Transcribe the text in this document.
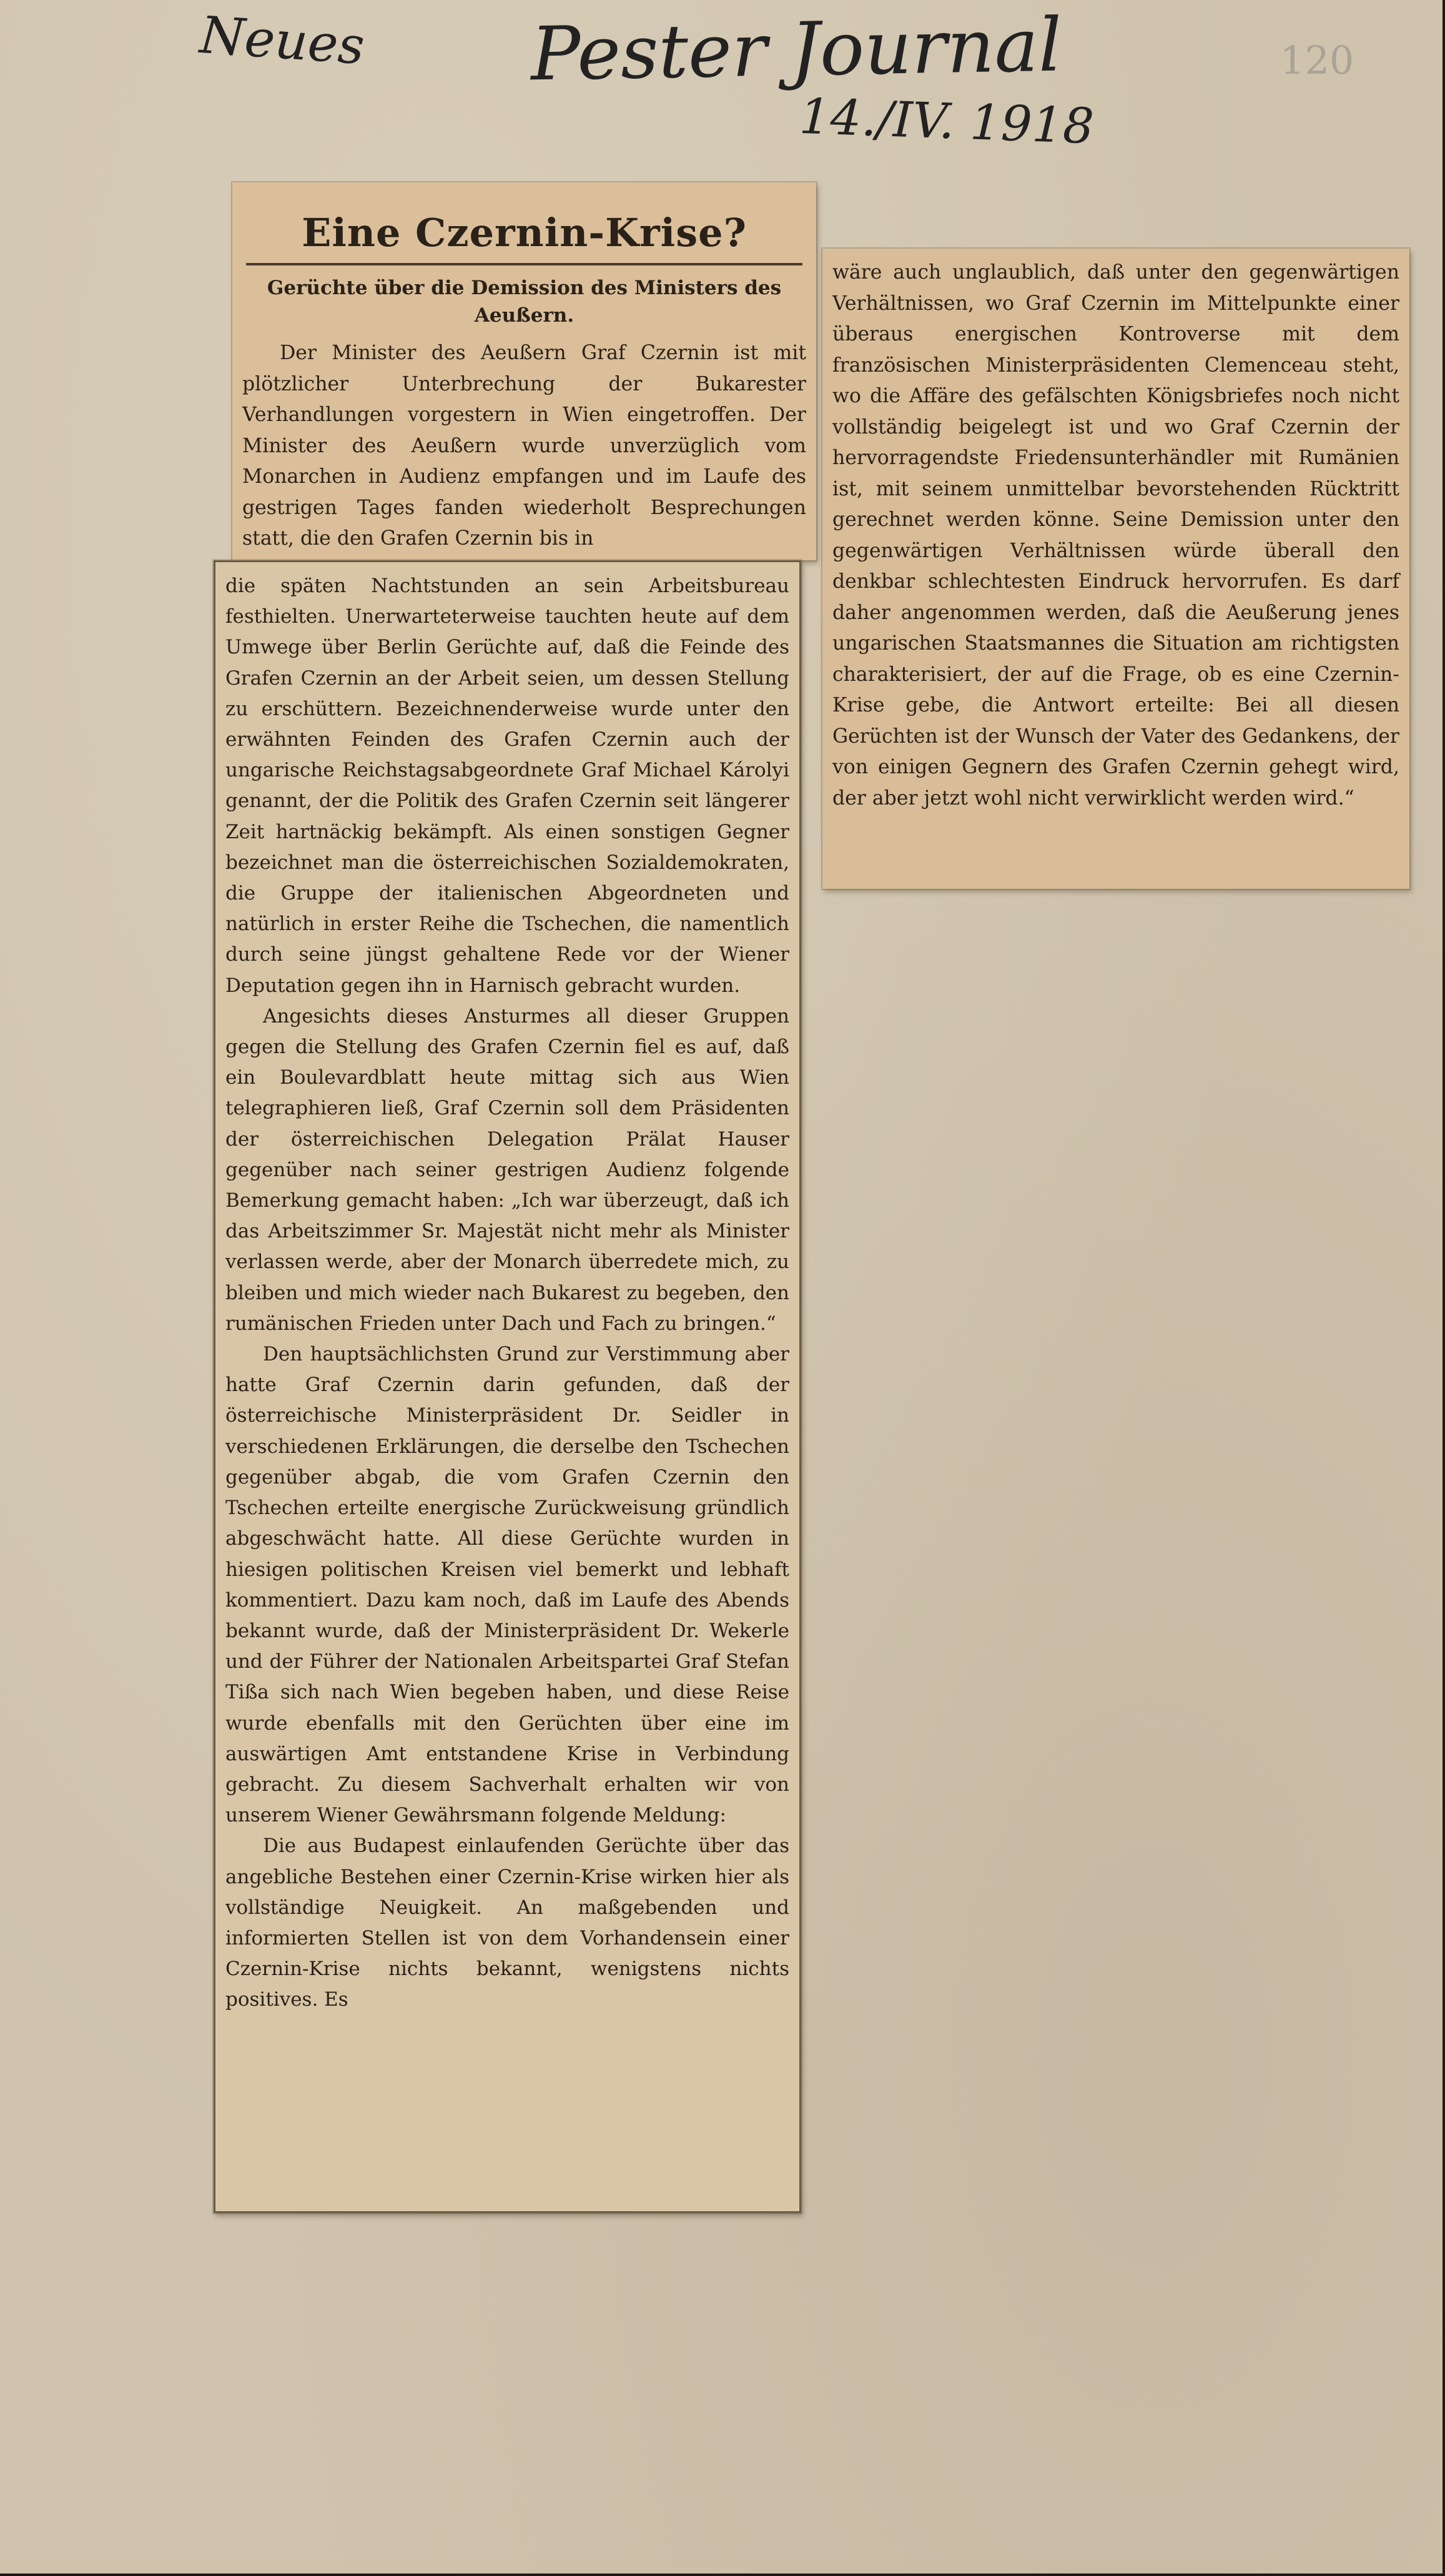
Neues Pester Journal
14./IV. 1918
120
Eine Czernin-Krise?
Gerüchte über die Demission des Ministers des Aeußern.

Der Minister des Aeußern Graf Czernin ist mit plötzlicher Unterbrechung der Bukarester Verhandlungen vorgestern in Wien eingetroffen. Der Minister des Aeußern wurde unverzüglich vom Monarchen in Audienz empfangen und im Laufe des gestrigen Tages fanden wiederholt Besprechungen statt, die den Grafen Czernin bis in

die späten Nachtstunden an sein Arbeitsbureau festhielten. Unerwarteterweise tauchten heute auf dem Umwege über Berlin Gerüchte auf, daß die Feinde des Grafen Czernin an der Arbeit seien, um dessen Stellung zu erschüttern. Bezeichnenderweise wurde unter den erwähnten Feinden des Grafen Czernin auch der ungarische Reichstagsabgeordnete Graf Michael Károlyi genannt, der die Politik des Grafen Czernin seit längerer Zeit hartnäckig bekämpft. Als einen sonstigen Gegner bezeichnet man die österreichischen Sozialdemokraten, die Gruppe der italienischen Abgeordneten und natürlich in erster Reihe die Tschechen, die namentlich durch seine jüngst gehaltene Rede vor der Wiener Deputation gegen ihn in Harnisch gebracht wurden.

Angesichts dieses Ansturmes all dieser Gruppen gegen die Stellung des Grafen Czernin fiel es auf, daß ein Boulevardblatt heute mittag sich aus Wien telegraphieren ließ, Graf Czernin soll dem Präsidenten der österreichischen Delegation Prälat Hauser gegenüber nach seiner gestrigen Audienz folgende Bemerkung gemacht haben: „Ich war überzeugt, daß ich das Arbeitszimmer Sr. Majestät nicht mehr als Minister verlassen werde, aber der Monarch überredete mich, zu bleiben und mich wieder nach Bukarest zu begeben, den rumänischen Frieden unter Dach und Fach zu bringen.“

Den hauptsächlichsten Grund zur Verstimmung aber hatte Graf Czernin darin gefunden, daß der österreichische Ministerpräsident Dr. Seidler in verschiedenen Erklärungen, die derselbe den Tschechen gegenüber abgab, die vom Grafen Czernin den Tschechen erteilte energische Zurückweisung gründlich abgeschwächt hatte. All diese Gerüchte wurden in hiesigen politischen Kreisen viel bemerkt und lebhaft kommentiert. Dazu kam noch, daß im Laufe des Abends bekannt wurde, daß der Ministerpräsident Dr. Wekerle und der Führer der Nationalen Arbeitspartei Graf Stefan Tißa sich nach Wien begeben haben, und diese Reise wurde ebenfalls mit den Gerüchten über eine im auswärtigen Amt entstandene Krise in Verbindung gebracht. Zu diesem Sachverhalt erhalten wir von unserem Wiener Gewährsmann folgende Meldung:

Die aus Budapest einlaufenden Gerüchte über das angebliche Bestehen einer Czernin-Krise wirken hier als vollständige Neuigkeit. An maßgebenden und informierten Stellen ist von dem Vorhandensein einer Czernin-Krise nichts bekannt, wenigstens nichts positives. Es

wäre auch unglaublich, daß unter den gegenwärtigen Verhältnissen, wo Graf Czernin im Mittelpunkte einer überaus energischen Kontroverse mit dem französischen Ministerpräsidenten Clemenceau steht, wo die Affäre des gefälschten Königsbriefes noch nicht vollständig beigelegt ist und wo Graf Czernin der hervorragendste Friedensunterhändler mit Rumänien ist, mit seinem unmittelbar bevorstehenden Rücktritt gerechnet werden könne. Seine Demission unter den gegenwärtigen Verhältnissen würde überall den denkbar schlechtesten Eindruck hervorrufen. Es darf daher angenommen werden, daß die Aeußerung jenes ungarischen Staatsmannes die Situation am richtigsten charakterisiert, der auf die Frage, ob es eine Czernin-Krise gebe, die Antwort erteilte: Bei all diesen Gerüchten ist der Wunsch der Vater des Gedankens, der von einigen Gegnern des Grafen Czernin gehegt wird, der aber jetzt wohl nicht verwirklicht werden wird.“
